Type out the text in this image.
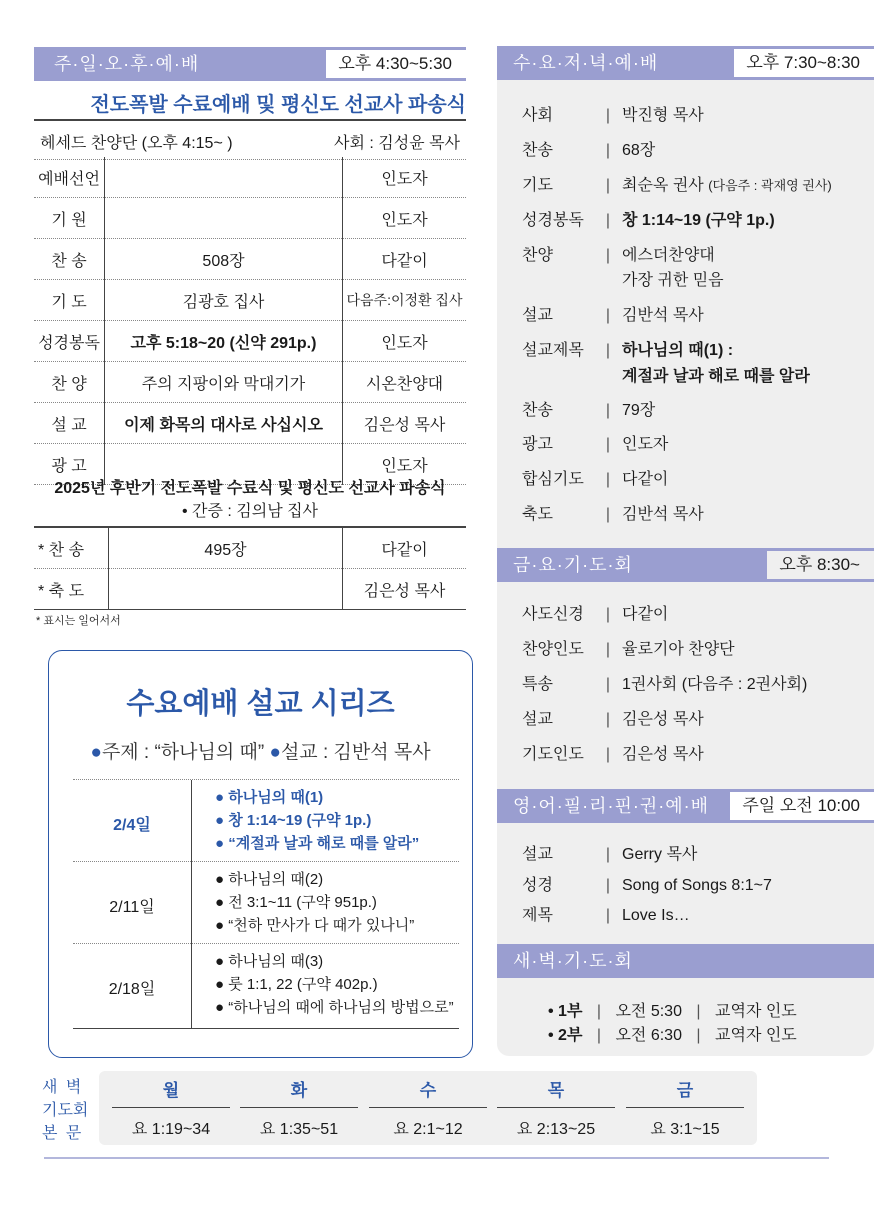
주·일·오·후·예·배	오후 4:30~5:30
전도폭발 수료예배 및 평신도 선교사 파송식
헤세드 찬양단 (오후 4:15~ )	사회 : 김성윤 목사
예배선언		인도자
기 원		인도자
찬 송	508장	다같이
기 도	김광호 집사	다음주:이정환 집사
성경봉독	고후 5:18~20 (신약 291p.)	인도자
찬 양	주의 지팡이와 막대기가	시온찬양대
설 교	이제 화목의 대사로 사십시오	김은성 목사
광 고		인도자
2025년 후반기 전도폭발 수료식 및 평신도 선교사 파송식
• 간증 : 김의남 집사
* 찬 송	495장	다같이
* 축 도		김은성 목사
* 표시는 일어서서
수요예배 설교 시리즈
●주제 : “하나님의 때” ●설교 : 김반석 목사
2/4일
● 하나님의 때(1)
● 창 1:14~19 (구약 1p.)
● “계절과 날과 해로 때를 알라”
2/11일
● 하나님의 때(2)
● 전 3:1~11 (구약 951p.)
● “천하 만사가 다 때가 있나니”
2/18일
● 하나님의 때(3)
● 룻 1:1, 22 (구약 402p.)
● “하나님의 때에 하나님의 방법으로”
수·요·저·녁·예·배	오후 7:30~8:30
사회	| 박진형 목사
찬송	| 68장
기도	| 최순옥 권사 (다음주 : 곽재영 권사)
성경봉독 | 창 1:14~19 (구약 1p.)
찬양	| 에스더찬양대
가장 귀한 믿음
설교	| 김반석 목사
설교제목 | 하나님의 때(1) :
계절과 날과 해로 때를 알라
찬송	| 79장
광고	| 인도자
합심기도 | 다같이
축도	| 김반석 목사
금·요·기·도·회	오후 8:30~
사도신경 | 다같이
찬양인도 | 율로기아 찬양단
특송	| 1권사회 (다음주 : 2권사회)
설교	| 김은성 목사
기도인도 | 김은성 목사
영·어·필·리·핀·권·예·배	주일 오전 10:00
설교	| Gerry 목사
성경	| Song of Songs 8:1~7
제목	| Love Is…
새·벽·기·도·회
• 1부 | 오전 5:30 | 교역자 인도
• 2부 | 오전 6:30 | 교역자 인도
새 벽
기도회
본 문
월	화	수	목	금
요 1:19~34	요 1:35~51	요 2:1~12	요 2:13~25	요 3:1~15
